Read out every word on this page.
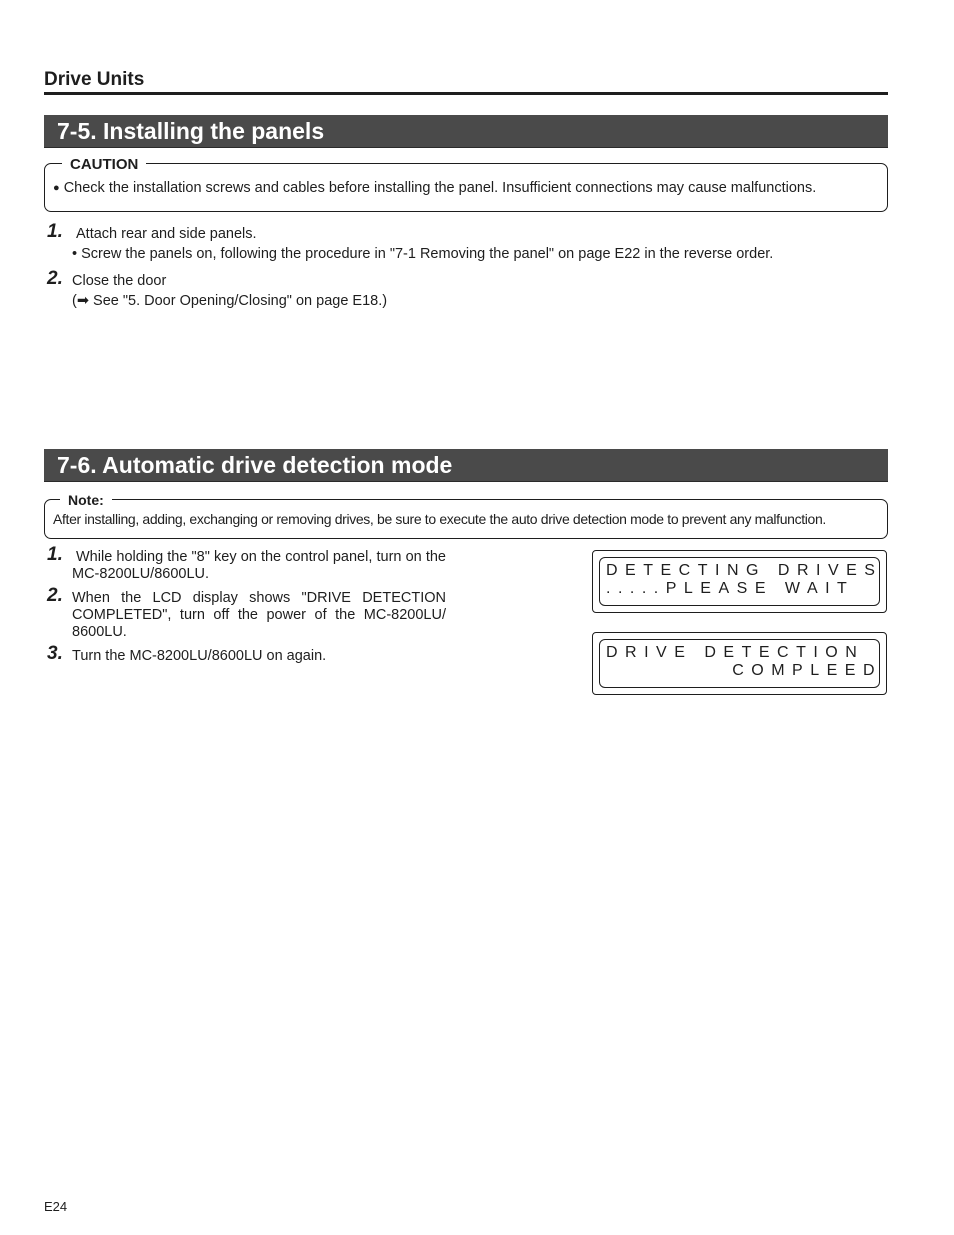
Drive Units
7-5. Installing the panels
CAUTION
● Check the installation screws and cables before installing the panel. Insufficient connections may cause malfunctions.
1. Attach rear and side panels.
• Screw the panels on, following the procedure in "7-1 Removing the panel" on page E22 in the reverse order.
2. Close the door
(➡ See "5. Door Opening/Closing" on page E18.)
7-6. Automatic drive detection mode
Note:
After installing, adding, exchanging or removing drives, be sure to execute the auto drive detection mode to prevent any malfunction.
1. While holding the "8" key on the control panel, turn on the MC-8200LU/8600LU.
2. When the LCD display shows "DRIVE DETECTION COMPLETED", turn off the power of the MC-8200LU/ 8600LU.
3. Turn the MC-8200LU/8600LU on again.
DETECTING DRIVES
.....PLEASE WAIT
DRIVE DETECTION
COMPLEED
E24
